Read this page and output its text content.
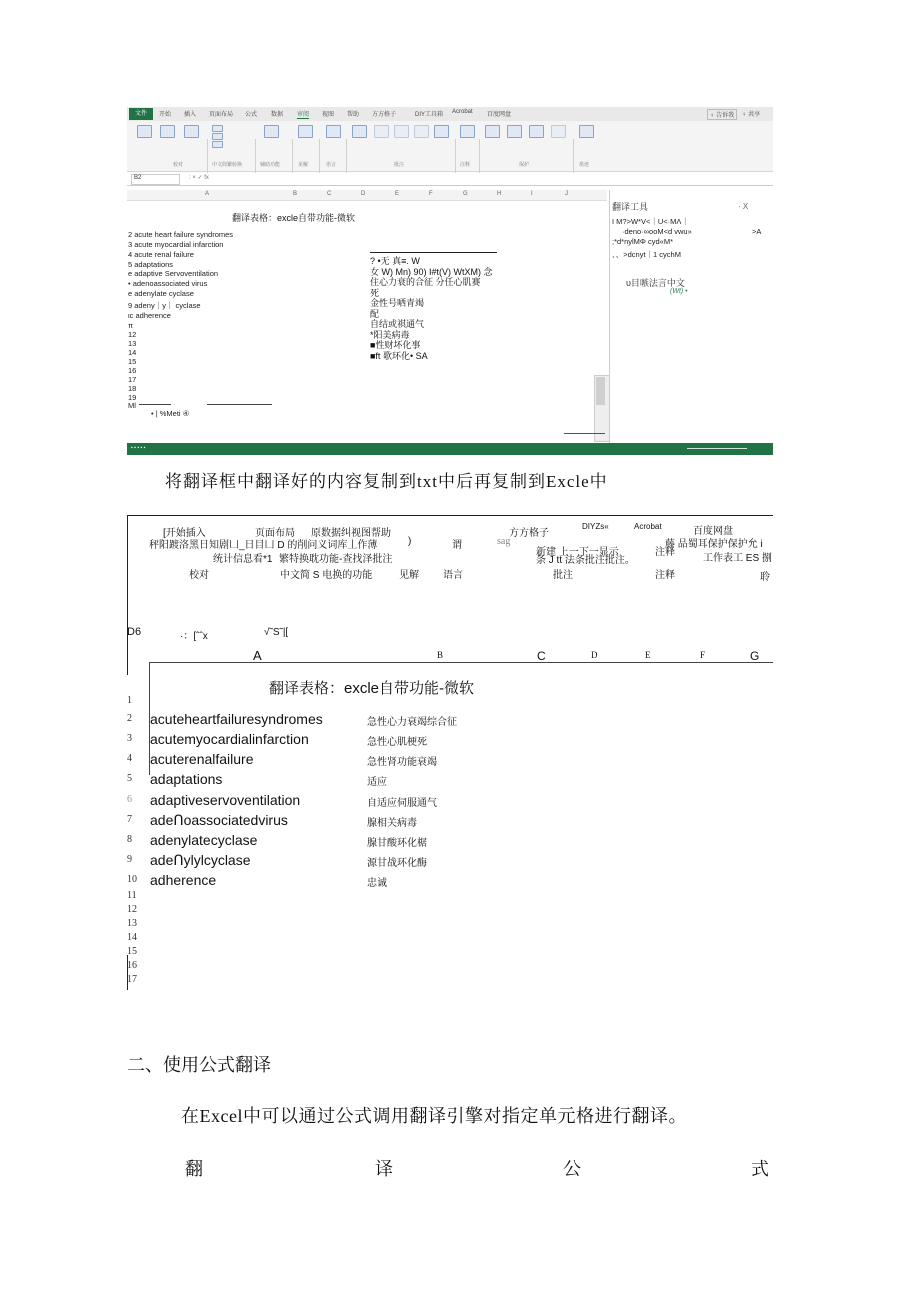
文件	开始 插入 页面布局 公式 数据 审阅 视图 帮助 方方格子	DIY工具箱 Acrobat 百度网盘	♀ 告诉我	♀ 共享
校对	中文简繁转换	辅助功能	见解	语言	批注	注释	保护	墨迹
B2	: × ✓ fx
A	B	C	D	E	F	G	H	I	J
翻译表格：excle自带功能-微软
2 acute heart failure syndromes
3 acute myocardial infarction
4 acute renal failure
5 adaptations
e adaptive Servoventilation
• adenoassociated virus
e adenylate cyclase
9 adeny｜y｜ cyclase
ιc adherence
π
12
13
14
15
16
17
18
19
Ml
• | %Meti ④
? •无 真≡. W
女 W) Mn) 90) I#t(V) WtXM) 念
住心力衰的合征 分任心肌赛
死
金性号哂青竭
配
自结或祺通气
*阳美病毒
■性财坏化事
■ft 歌环化• SA
翻译工具	· X
I M?>W*V<｜U<·MΛ｜
·deno·∞ooM<d vwu»	>A
;*d*nylMΦ cyd«M*
、、>dcnyt｜1 cychM
υ目嗾法言中文
(Wt) •
▪ ▪ ▪ ▪ ▪
将翻译框中翻译好的内容复制到txt中后再复制到Excle中
[开始插入	页面布局 原数据纠视图帮助	方方格子
DIYZs«	Acrobat	百度网盘
秤阳踱洛黑日知剧凵_日目凵 D 的削问义词库丄作薄	)	谓	sag
新建 上一下一显示
条 J tt 法条批注批注。
注释
藤 品蜀耳保护保护允 i
工作表工 ES 捌
统计信息看*1 繁特换耽功能-查找泽批注
校对	中文简 S 电换的功能	见解 语言	批注	注释	聆
D6	·：[ˆˆx	√˜S˜|[
A	B	C	D	E	F	G
翻译表格：excle自带功能-微软
1
2 acuteheartfailuresyndromes	急性心力衰竭综合征
3 acutemyocardialinfarction	急性心肌梗死
4 acuterenalfailure	急性肾功能衰竭
5 adaptations	适应
6 adaptiveservoventilation	自适应伺服通气
7 adeՈoassociatedvirus	腺相关病毒
8 adenylatecyclase	腺甘酸环化椐
9 adeՈylylcyclase	源甘战环化酶
10 adherence	忠诚
11
12
13
14
15
16
17
二、使用公式翻译
在Excel中可以通过公式调用翻译引擎对指定单元格进行翻译。
翻	译	公	式
